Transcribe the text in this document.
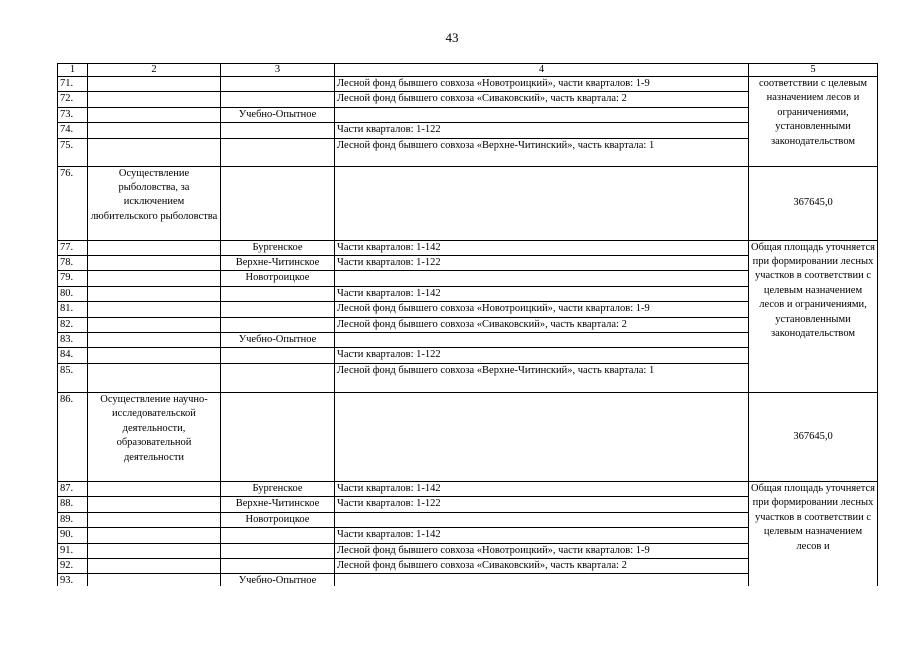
43
1	2	3	4	5
71.			Лесной фонд бывшего совхоза «Новотроицкий», части кварталов: 1-9	соответствии с целевым назначением лесов и ограничениями, установленными законодательством
72.			Лесной фонд бывшего совхоза «Сиваковский», часть квартала: 2	
73.		Учебно-Опытное		
74.			Части кварталов: 1-122	
75.			Лесной фонд бывшего совхоза «Верхне-Читинский», часть квартала: 1	
76.	Осуществление рыболовства, за исключением любительского рыболовства			367645,0
77.		Бургенское	Части кварталов: 1-142	Общая площадь уточняется при формировании лесных участков в соответствии с целевым назначением лесов и ограничениями, установленными законодательством
78.		Верхне-Читинское	Части кварталов: 1-122	
79.		Новотроицкое		
80.			Части кварталов: 1-142	
81.			Лесной фонд бывшего совхоза «Новотроицкий», части кварталов: 1-9	
82.			Лесной фонд бывшего совхоза «Сиваковский», часть квартала: 2	
83.		Учебно-Опытное		
84.			Части кварталов: 1-122	
85.			Лесной фонд бывшего совхоза «Верхне-Читинский», часть квартала: 1	
86.	Осуществление научно-исследовательской деятельности, образовательной деятельности			367645,0
87.		Бургенское	Части кварталов: 1-142	Общая площадь уточняется при формировании лесных участков в соответствии с целевым назначением лесов и
88.		Верхне-Читинское	Части кварталов: 1-122	
89.		Новотроицкое		
90.			Части кварталов: 1-142	
91.			Лесной фонд бывшего совхоза «Новотроицкий», части кварталов: 1-9	
92.			Лесной фонд бывшего совхоза «Сиваковский», часть квартала: 2	
93.		Учебно-Опытное		
